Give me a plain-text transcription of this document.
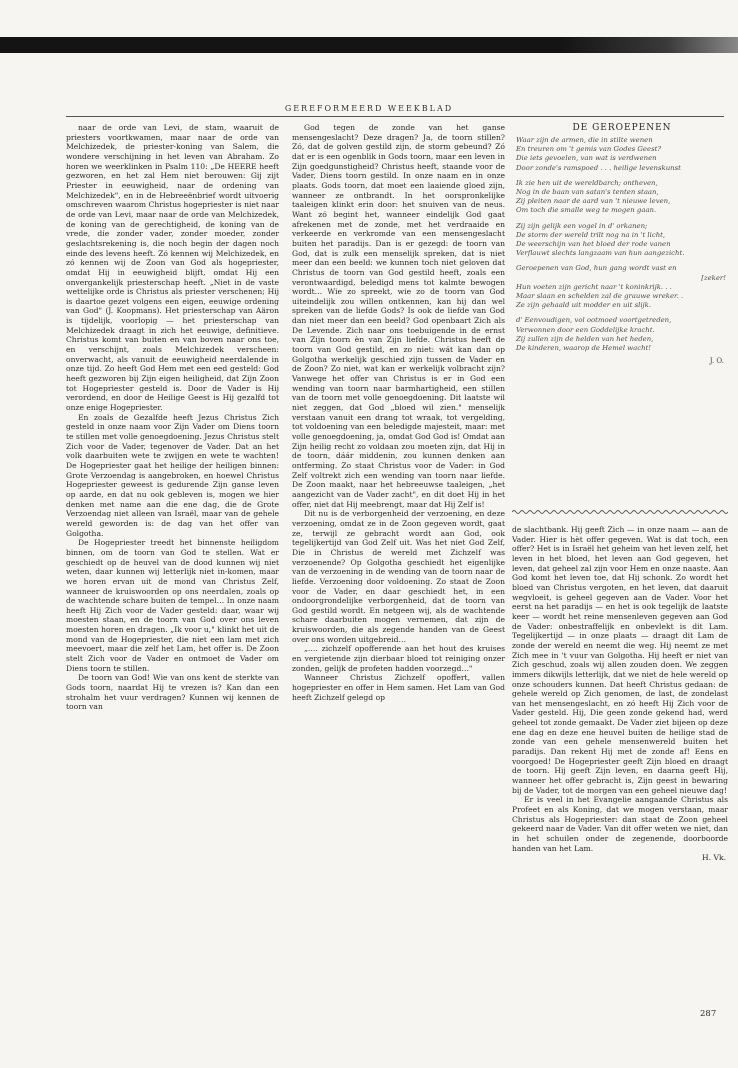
GEREFORMEERD WEEKBLAD

naar de orde van Levi, de stam, waaruit de priesters voortkwamen, maar naar de orde van Melchizedek, de priester-koning van Salem, die wondere verschijning in het leven van Abraham. Zo horen we weerklinken in Psalm 110: „De HEERE heeft gezworen, en het zal Hem niet berouwen: Gij zijt Priester in eeuwigheid, naar de ordening van Melchizedek", en in de Hebreeënbrief wordt uitvoerig omschreven waarom Christus hogepriester is niet naar de orde van Levi, maar naar de orde van Melchizedek, de koning van de gerechtigheid, de koning van de vrede, die zonder vader, zonder moeder, zonder geslachtsrekening is, die noch begin der dagen noch einde des levens heeft. Zó kennen wij Melchizedek, en zó kennen wij de Zoon van God als hogepriester, omdat Hij in eeuwigheid blijft, omdat Hij een onvergankelijk priesterschap heeft. „Niet in de vaste wettelijke orde is Christus als priester verschenen; Hij is daartoe gezet volgens een eigen, eeuwige ordening van God" (J. Koopmans). Het priesterschap van Aäron is tijdelijk, voorlopig — het priesterschap van Melchizedek draagt in zich het eeuwige, definitieve. Christus komt van buiten en van boven naar ons toe, en verschijnt, zoals Melchizedek verscheen: onverwacht, als vanuit de eeuwigheid neerdalende in onze tijd. Zo heeft God Hem met een eed gesteld: God heeft gezworen bij Zijn eigen heiligheid, dat Zijn Zoon tot Hogepriester gesteld is. Door de Vader is Hij verordend, en door de Heilige Geest is Hij gezalfd tot onze enige Hogepriester.

En zoals de Gezalfde heeft Jezus Christus Zich gesteld in onze naam voor Zijn Vader om Diens toorn te stillen met volle genoegdoening. Jezus Christus stelt Zich voor de Vader, tegenover de Vader. Dat an het volk daarbuiten wete te zwijgen en wete te wachten! De Hogepriester gaat het heilige der heiligen binnen: Grote Verzoendag is aangebroken, en hoewel Christus Hogepriester geweest is gedurende Zijn ganse leven op aarde, en dat nu ook gebleven is, mogen we hier denken met name aan die ene dag, die de Grote Verzoendag niet alleen van Israël, maar van de gehele wereld geworden is: de dag van het offer van Golgotha.

De Hogepriester treedt het binnenste heiligdom binnen, om de toorn van God te stellen. Wat er geschiedt op de heuvel van de dood kunnen wij niet weten, daar kunnen wij letterlijk niet in-komen, maar we horen ervan uit de mond van Christus Zelf, wanneer de kruiswoorden op ons neerdalen, zoals op de wachtende schare buiten de tempel… In onze naam heeft Hij Zich voor de Vader gesteld: daar, waar wij moesten staan, en de toorn van God over ons leven moesten horen en dragen. „Ik voor u," klinkt het uit de mond van de Hogepriester, die niet een lam met zich meevoert, maar die zelf het Lam, het offer is. De Zoon stelt Zich voor de Vader en ontmoet de Vader om Diens toorn te stillen.

De toorn van God! Wie van ons kent de sterkte van Gods toorn, naardat Hij te vrezen is? Kan dan een strohalm het vuur verdragen? Kunnen wij kennen de toorn van

God tegen de zonde van het ganse mensengeslacht? Deze dragen? Ja, de toorn stillen? Zó, dat de golven gestild zijn, de storm gebeund? Zó dat er is een ogenblik in Gods toorn, maar een leven in Zijn goedgunstigheid? Christus heeft, staande voor de Vader, Diens toorn gestild. In onze naam en in onze plaats. Gods toorn, dat moet een laaiende gloed zijn, wanneer ze ontbrandt. In het oorspronkelijke taaleigen klinkt erin door: het snuiven van de neus. Want zó begint het, wanneer eindelijk God gaat afrekenen met de zonde, met het verdraaide en verkeerde en verkromde van een mensengeslacht buiten het paradijs. Dan is er gezegd: de toorn van God, dat is zulk een menselijk spreken, dat is niet meer dan een beeld: we kunnen toch niet geloven dat Christus de toorn van God gestild heeft, zoals een verontwaardigd, beledigd mens tot kalmte bewogen wordt… Wie zo spreekt, wie zo de toorn van God uiteindelijk zou willen ontkennen, kan hij dan wel spreken van de liefde Gods? Is ook de liefde van God dan niet meer dan een beeld? God openbaart Zich als De Levende. Zich naar ons toebuigende in de ernst van Zijn toorn èn van Zijn liefde. Christus heeft de toorn van God gestild, en zo niet: wát kan dan op Golgotha werkelijk geschied zijn tussen de Vader en de Zoon? Zo niet, wat kan er werkelijk volbracht zijn? Vanwege het offer van Christus is er in God een wending van toorn naar barmhartigheid, een stillen van de toorn met volle genoegdoening. Dit laatste wil niet zeggen, dat God „bloed wil zien." menselijk verstaan vanuit een drang tot wraak, tot vergelding, tot voldoening van een beledigde majesteit, maar: met volle genoegdoening, ja, omdat God God is! Omdat aan Zijn heilig recht zo voldaan zou moeten zijn, dat Hij in de toorn, dáár middenin, zou kunnen denken aan ontferming. Zo staat Christus voor de Vader: in God Zelf voltrekt zich een wending van toorn naar liefde. De Zoon maakt, naar het hebreeuwse taaleigen, „het aangezicht van de Vader zacht", en dit doet Hij in het offer, niet dat Hij meebrengt, maar dat Hij Zelf is!

Dit nu is de verborgenheid der verzoening, en deze verzoening, omdat ze in de Zoon gegeven wordt, gaat ze, terwijl ze gebracht wordt aan God, ook tegelijkertijd van God Zelf uit. Was het niet God Zelf, Die in Christus de wereld met Zichzelf was verzoenende? Op Golgotha geschiedt het eigenlijke van de verzoening in de wending van de toorn naar de liefde. Verzoening door voldoening. Zo staat de Zoon voor de Vader, en daar geschiedt het, in een ondoorgrondelijke verborgenheid, dat de toorn van God gestild wordt. En netgeen wij, als de wachtende schare daarbuiten mogen vernemen, dat zijn de kruiswoorden, die als zegende handen van de Geest over ons worden uitgebreid…

„…. zichzelf opofferende aan het hout des kruises en vergietende zijn dierbaar bloed tot reiniging onzer zonden, gelijk de profeten hadden voorzegd…"

Wanneer Christus Zichzelf opoffert, vallen hogepriester en offer in Hem samen. Het Lam van God heeft Zichzelf gelegd op

DE GEROEPENEN
Waar zijn de armen, die in stilte wenen
En treuren om 't gemis van Godes Geest?
Die iets gevoelen, van wat is verdwenen
Door zonde's ramspoed . . . heilige levenskunst
Ik zie hen uit de wereldbarch; ontheven,
Nog in de baan van satan's tenten staan,
Zij pleiten naar de aard van 't nieuwe leven,
Om toch die smalle weg te mogen gaan.
Zij zijn gelijk een vogel in d' orkanen;
De storm der wereld trilt nog na in 't licht,
De weerschijn van het bloed der rode vanen
Verflauwt slechts langzaam van hun aangezicht.
Geroepenen van God, hun gang wordt vast en
[zeker!
Hun voeten zijn gericht naar 't koninkrijk. . .
Maar slaan en schelden zal de grauwe wreker. .
Ze zijn gehaald uit modder en uit slijk.
d' Eenvoudigen, vol ootmoed voortgetreden,
Verwonnen door een Goddelijke kracht.
Zij zullen zijn de helden van het heden,
De kinderen, waarop de Hemel wacht!
J. O.

de slachtbank. Hij geeft Zich — in onze naam — aan de Vader. Hier is hèt offer gegeven. Wat is dat toch, een offer? Het is in Israël het geheim van het leven zelf, het leven in het bloed, het leven aan God gegeven, het leven, dat geheel zal zijn voor Hem en onze naaste. Aan God komt het leven toe, dat Hij schonk. Zo wordt het bloed van Christus vergoten, en het leven, dat daaruit wegvloeit, is geheel gegeven aan de Vader. Voor het eerst na het paradijs — en het is ook tegelijk de laatste keer — wordt het reine mensenleven gegeven aan God de Vader: onbestraffelijk en onbevlekt is dit Lam. Tegelijkertijd — in onze plaats — draagt dit Lam de zonde der wereld en neemt die weg. Hij neemt ze met Zich mee in 't vuur van Golgotha. Hij heeft er niet van Zich geschud, zoals wij allen zouden doen. We zeggen immers dikwijls letterlijk, dat we niet de hele wereld op onze schouders kunnen. Dat heeft Christus gedaan: de gehele wereld op Zich genomen, de last, de zondelast van het mensengeslacht, en zó heeft Hij Zich voor de Vader gesteld. Hij, Die geen zonde gekend had, werd geheel tot zonde gemaakt. De Vader ziet bijeen op deze ene dag en deze ene heuvel buiten de heilige stad de zonde van een gehele mensenwereld buiten het paradijs. Dan rekent Hij met de zonde af! Eens en voorgoed! De Hogepriester geeft Zijn bloed en draagt de toorn. Hij geeft Zijn leven, en daarna geeft Hij, wanneer het offer gebracht is, Zijn geest in bewaring bij de Vader, tot de morgen van een geheel nieuwe dag!

Er is veel in het Evangelie aangaande Christus als Profeet en als Koning, dat we mogen verstaan, maar Christus als Hogepriester: dan staat de Zoon geheel gekeerd naar de Vader. Van dit offer weten we niet, dan in het schuilen onder de zegenende, doorboorde handen van het Lam.

H. Vk.
287
